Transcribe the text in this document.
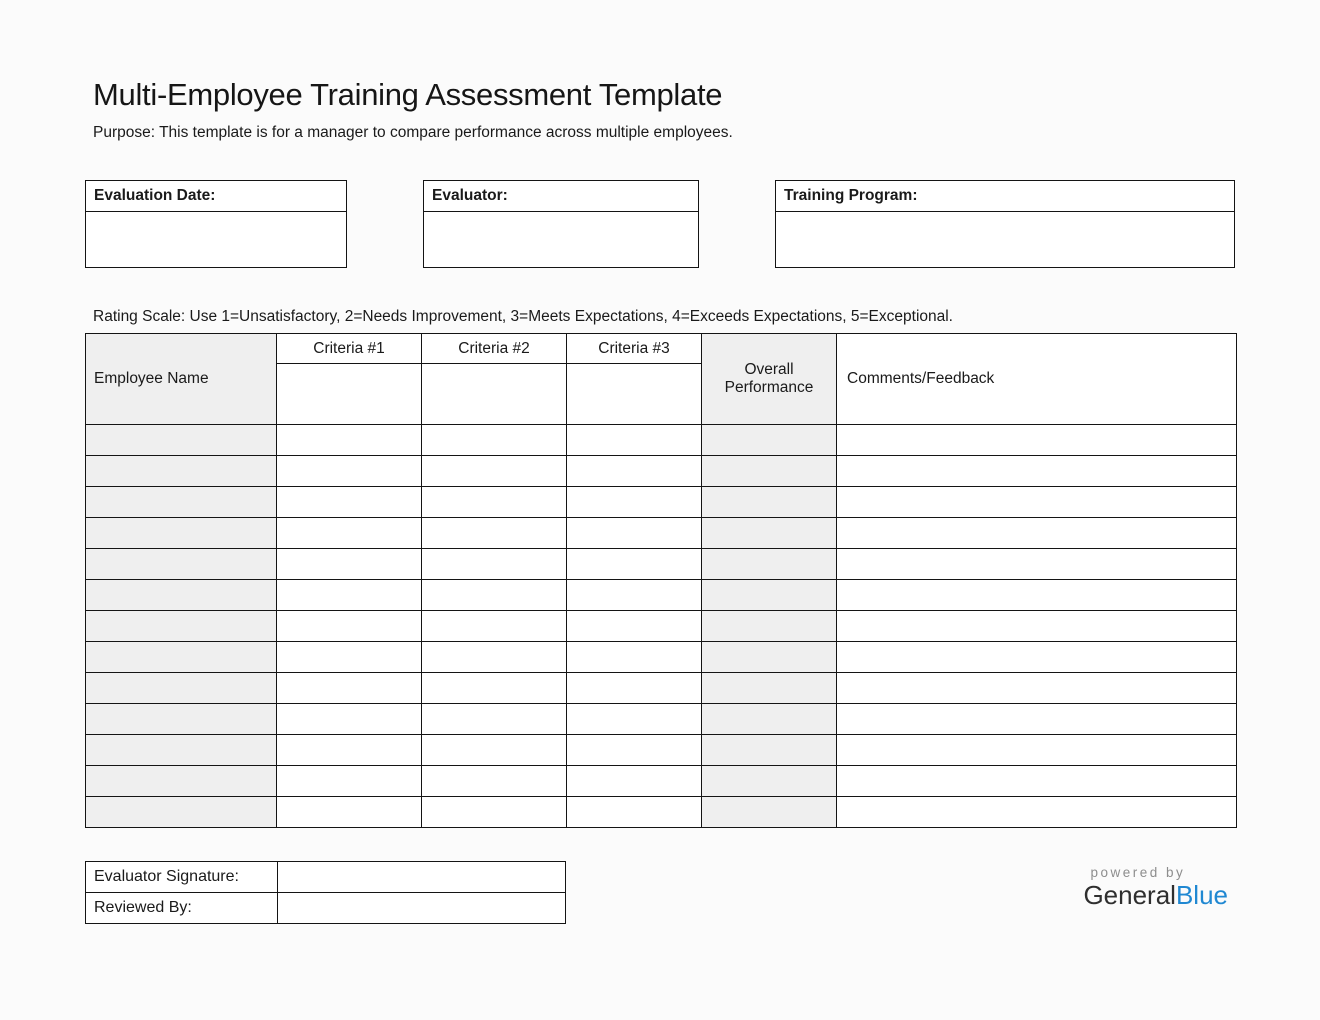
Multi-Employee Training Assessment Template

Purpose: This template is for a manager to compare performance across multiple employees.

Evaluation Date:	Evaluator:	Training Program:

Rating Scale: Use 1=Unsatisfactory, 2=Needs Improvement, 3=Meets Expectations, 4=Exceeds Expectations, 5=Exceptional.

Employee Name	Criteria #1	Criteria #2	Criteria #3	Overall Performance	Comments/Feedback

Evaluator Signature:	
Reviewed By:	
powered by
GeneralBlue
